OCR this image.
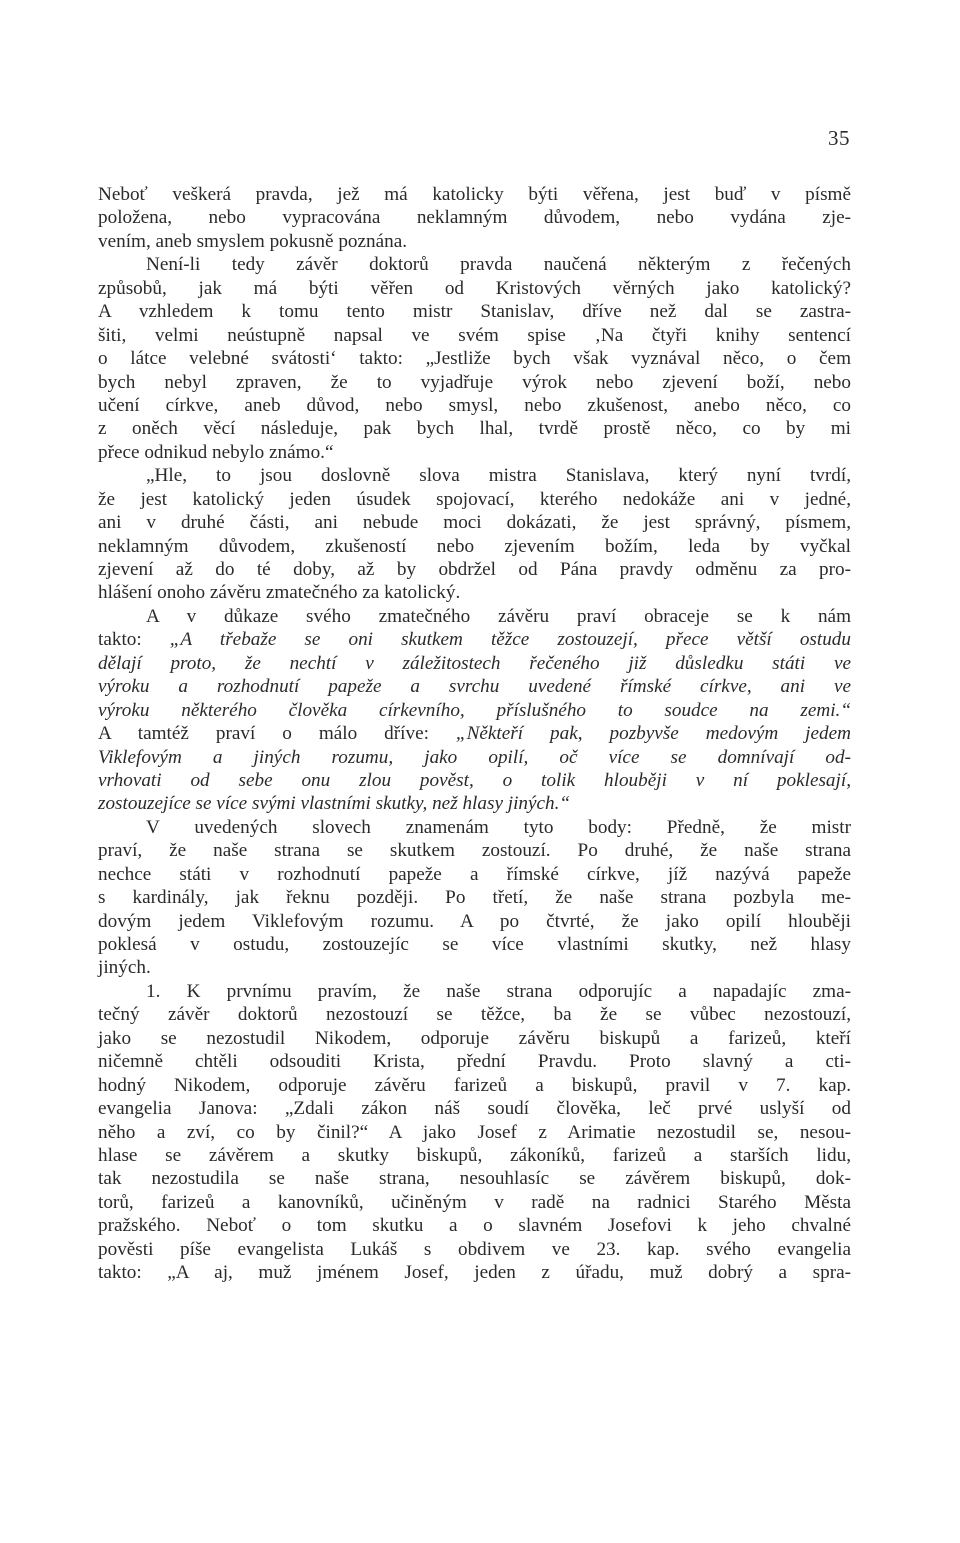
35
Neboť veškerá pravda, jež má katolicky býti věřena, jest buď v písmě
položena, nebo vypracována neklamným důvodem, nebo vydána zje-
vením, aneb smyslem pokusně poznána.
Není-li tedy závěr doktorů pravda naučená některým z řečených
způsobů, jak má býti věřen od Kristových věrných jako katolický?
A vzhledem k tomu tento mistr Stanislav, dříve než dal se zastra-
šiti, velmi neústupně napsal ve svém spise ‚Na čtyři knihy sentencí
o látce velebné svátosti‘ takto: „Jestliže bych však vyznával něco, o čem
bych nebyl zpraven, že to vyjadřuje výrok nebo zjevení boží, nebo
učení církve, aneb důvod, nebo smysl, nebo zkušenost, anebo něco, co
z oněch věcí následuje, pak bych lhal, tvrdě prostě něco, co by mi
přece odnikud nebylo známo.“
„Hle, to jsou doslovně slova mistra Stanislava, který nyní tvrdí,
že jest katolický jeden úsudek spojovací, kterého nedokáže ani v jedné,
ani v druhé části, ani nebude moci dokázati, že jest správný, písmem,
neklamným důvodem, zkušeností nebo zjevením božím, leda by vyčkal
zjevení až do té doby, až by obdržel od Pána pravdy odměnu za pro-
hlášení onoho závěru zmatečného za katolický.
A v důkaze svého zmatečného závěru praví obraceje se k nám
takto: „A třebaže se oni skutkem těžce zostouzejí, přece větší ostudu
dělají proto, že nechtí v záležitostech řečeného již důsledku státi ve
výroku a rozhodnutí papeže a svrchu uvedené římské církve, ani ve
výroku některého člověka církevního, příslušného to soudce na zemi.“
A tamtéž praví o málo dříve: „Někteří pak, pozbyvše medovým jedem
Viklefovým a jiných rozumu, jako opilí, oč více se domnívají od-
vrhovati od sebe onu zlou pověst, o tolik hlouběji v ní poklesají,
zostouzejíce se více svými vlastními skutky, než hlasy jiných.“
V uvedených slovech znamenám tyto body: Předně, že mistr
praví, že naše strana se skutkem zostouzí. Po druhé, že naše strana
nechce státi v rozhodnutí papeže a římské církve, jíž nazývá papeže
s kardinály, jak řeknu později. Po třetí, že naše strana pozbyla me-
dovým jedem Viklefovým rozumu. A po čtvrté, že jako opilí hlouběji
poklesá v ostudu, zostouzejíc se více vlastními skutky, než hlasy
jiných.
1. K prvnímu pravím, že naše strana odporujíc a napadajíc zma-
tečný závěr doktorů nezostouzí se těžce, ba že se vůbec nezostouzí,
jako se nezostudil Nikodem, odporuje závěru biskupů a farizeů, kteří
ničemně chtěli odsouditi Krista, přední Pravdu. Proto slavný a cti-
hodný Nikodem, odporuje závěru farizeů a biskupů, pravil v 7. kap.
evangelia Janova: „Zdali zákon náš soudí člověka, leč prvé uslyší od
něho a zví, co by činil?“ A jako Josef z Arimatie nezostudil se, nesou-
hlase se závěrem a skutky biskupů, zákoníků, farizeů a starších lidu,
tak nezostudila se naše strana, nesouhlasíc se závěrem biskupů, dok-
torů, farizeů a kanovníků, učiněným v radě na radnici Starého Města
pražského. Neboť o tom skutku a o slavném Josefovi k jeho chvalné
pověsti píše evangelista Lukáš s obdivem ve 23. kap. svého evangelia
takto: „A aj, muž jménem Josef, jeden z úřadu, muž dobrý a spra-
